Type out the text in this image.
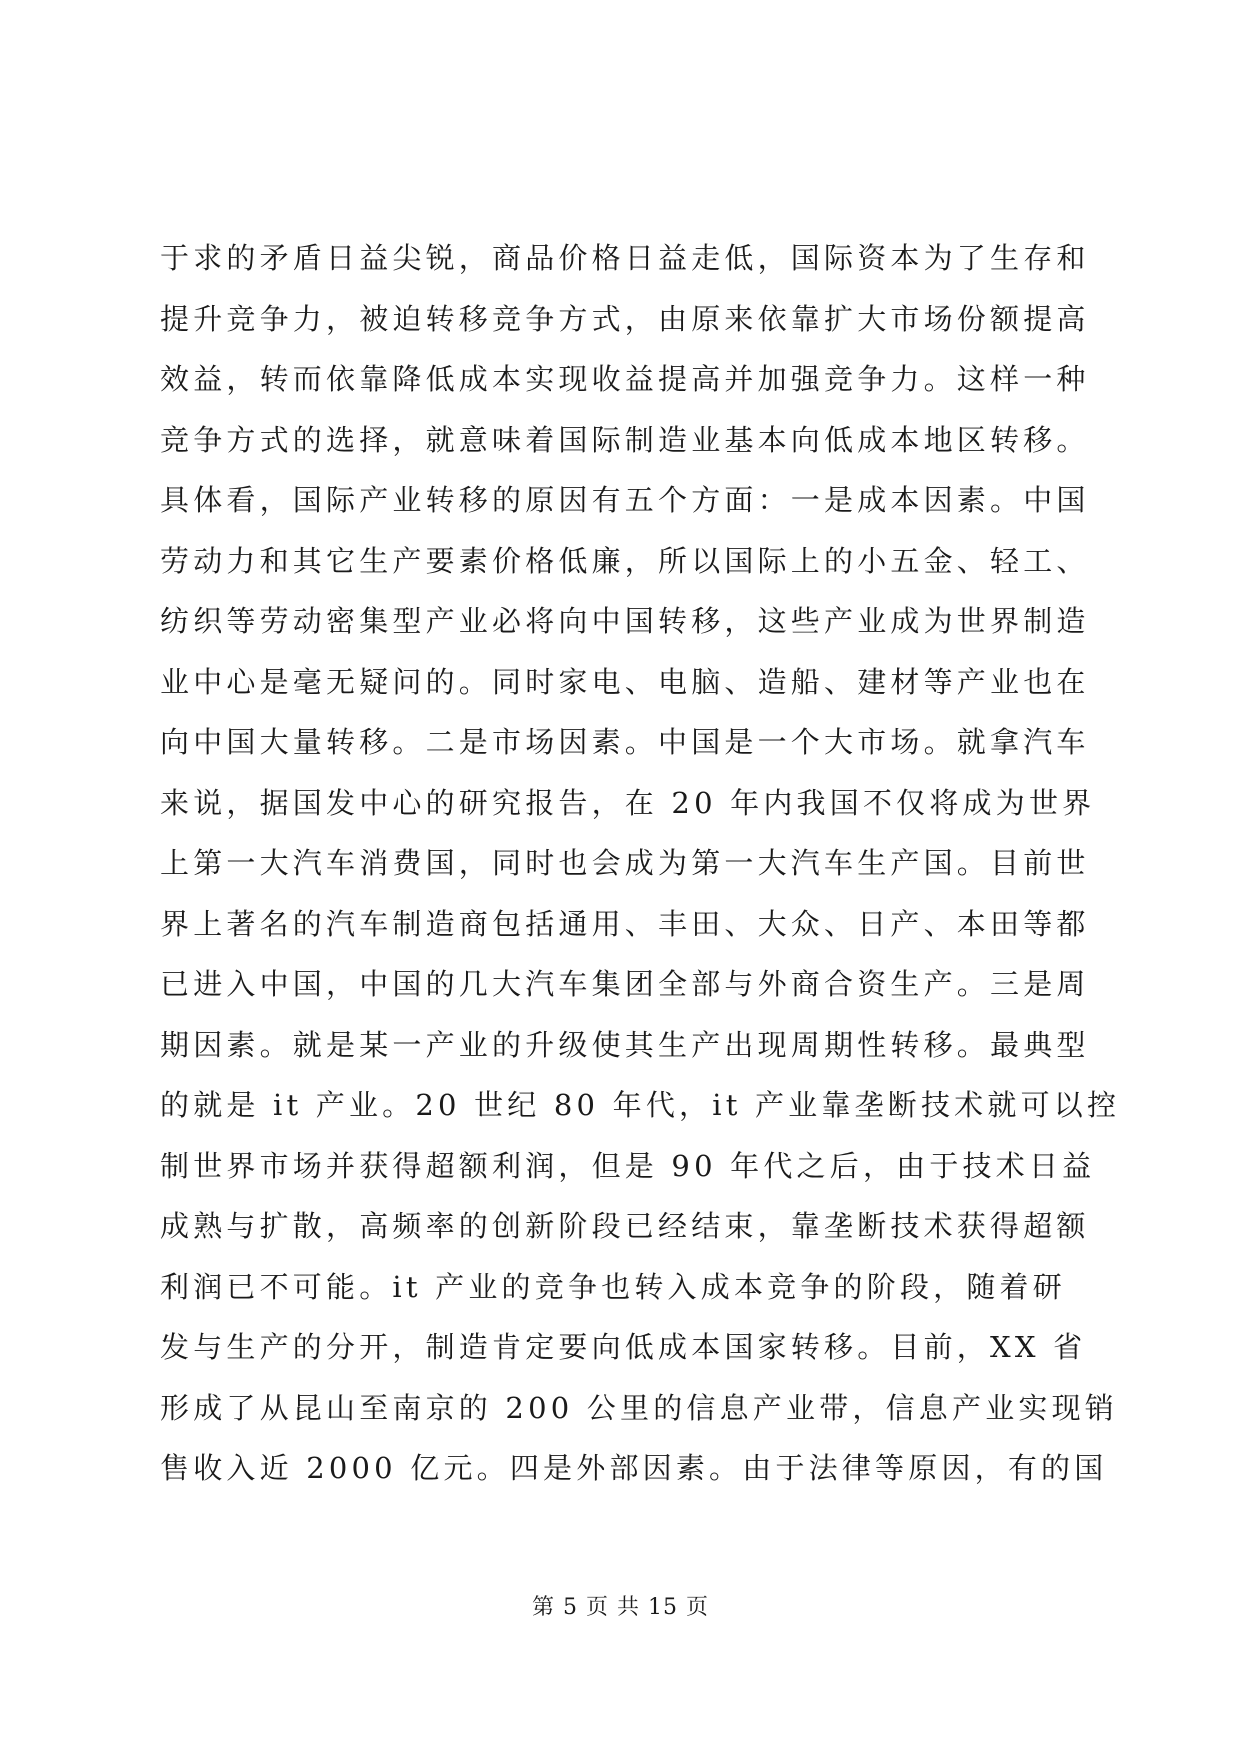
于求的矛盾日益尖锐，商品价格日益走低，国际资本为了生存和
提升竞争力，被迫转移竞争方式，由原来依靠扩大市场份额提高
效益，转而依靠降低成本实现收益提高并加强竞争力。这样一种
竞争方式的选择，就意味着国际制造业基本向低成本地区转移。
具体看，国际产业转移的原因有五个方面：一是成本因素。中国
劳动力和其它生产要素价格低廉，所以国际上的小五金、轻工、
纺织等劳动密集型产业必将向中国转移，这些产业成为世界制造
业中心是毫无疑问的。同时家电、电脑、造船、建材等产业也在
向中国大量转移。二是市场因素。中国是一个大市场。就拿汽车
来说，据国发中心的研究报告，在 20 年内我国不仅将成为世界
上第一大汽车消费国，同时也会成为第一大汽车生产国。目前世
界上著名的汽车制造商包括通用、丰田、大众、日产、本田等都
已进入中国，中国的几大汽车集团全部与外商合资生产。三是周
期因素。就是某一产业的升级使其生产出现周期性转移。最典型
的就是 it 产业。20 世纪 80 年代，it 产业靠垄断技术就可以控
制世界市场并获得超额利润，但是 90 年代之后，由于技术日益
成熟与扩散，高频率的创新阶段已经结束，靠垄断技术获得超额
利润已不可能。it 产业的竞争也转入成本竞争的阶段，随着研
发与生产的分开，制造肯定要向低成本国家转移。目前，XX 省
形成了从昆山至南京的 200 公里的信息产业带，信息产业实现销
售收入近 2000 亿元。四是外部因素。由于法律等原因，有的国
第 5 页 共 15 页
